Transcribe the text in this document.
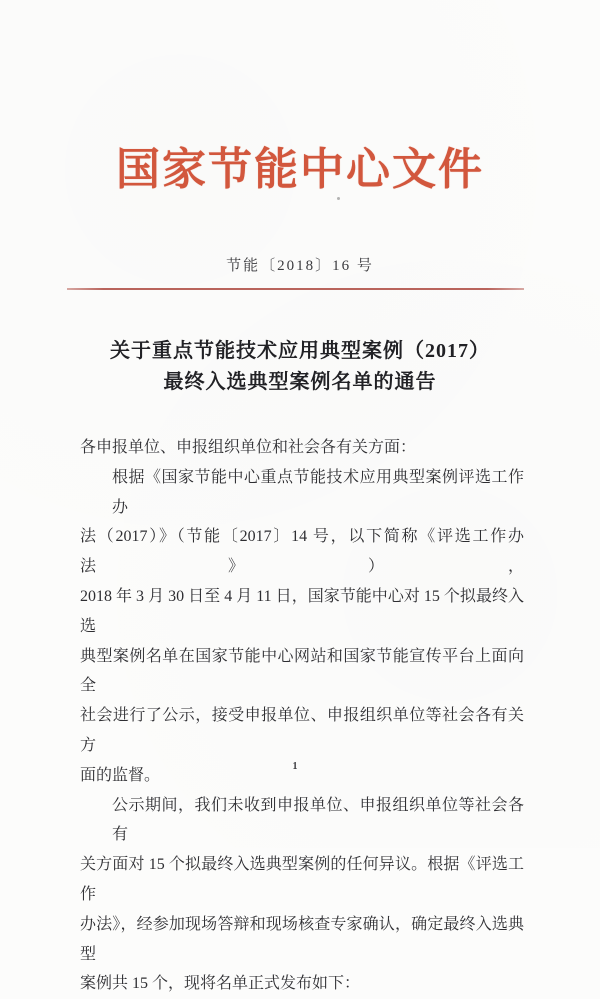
国家节能中心文件
节能〔2018〕16 号
关于重点节能技术应用典型案例（2017）
最终入选典型案例名单的通告
各申报单位、申报组织单位和社会各有关方面：
根据《国家节能中心重点节能技术应用典型案例评选工作办
法（2017）》（节能〔2017〕14 号，以下简称《评选工作办法》），
2018 年 3 月 30 日至 4 月 11 日，国家节能中心对 15 个拟最终入选
典型案例名单在国家节能中心网站和国家节能宣传平台上面向全
社会进行了公示，接受申报单位、申报组织单位等社会各有关方
面的监督。
公示期间，我们未收到申报单位、申报组织单位等社会各有
关方面对 15 个拟最终入选典型案例的任何异议。根据《评选工作
办法》，经参加现场答辩和现场核查专家确认，确定最终入选典型
案例共 15 个，现将名单正式发布如下：
1
